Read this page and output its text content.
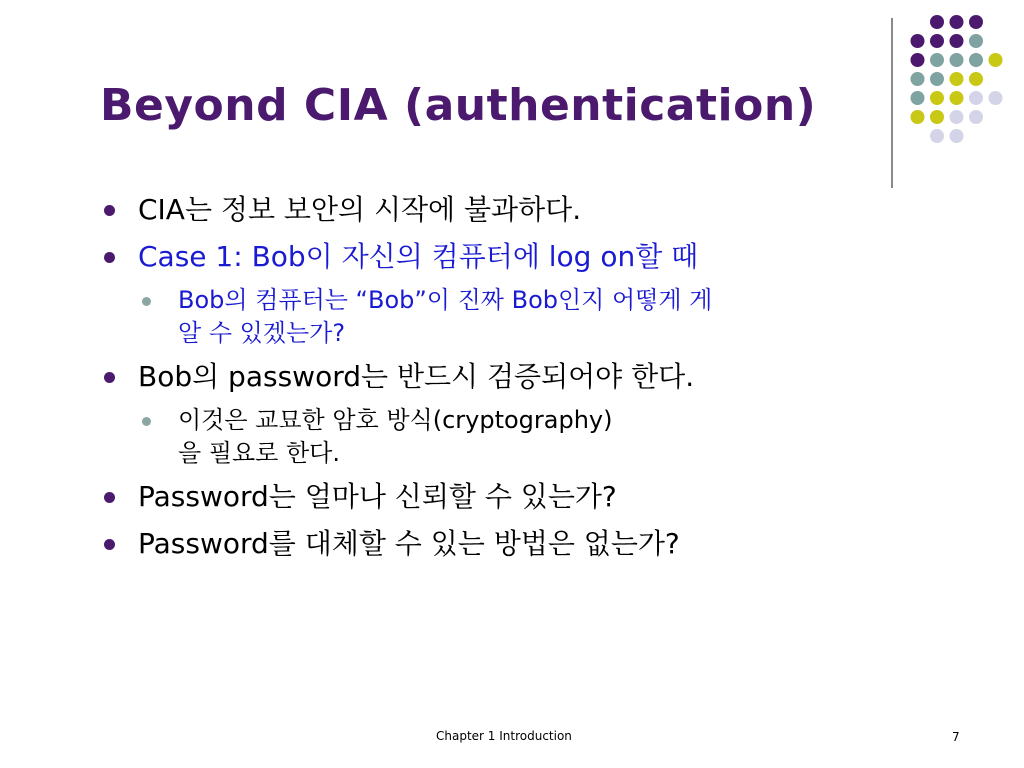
Beyond CIA (authentication)
CIA는 정보 보안의 시작에 불과하다.
Case 1: Bob이 자신의 컴퓨터에 log on할 때
Bob의 컴퓨터는 “Bob”이 진짜 Bob인지 어떻게 게
알 수 있겠는가?
Bob의 password는 반드시 검증되어야 한다.
이것은 교묘한 암호 방식(cryptography)
을 필요로 한다.
Password는 얼마나 신뢰할 수 있는가?
Password를 대체할 수 있는 방법은 없는가?
Chapter 1 Introduction	7
